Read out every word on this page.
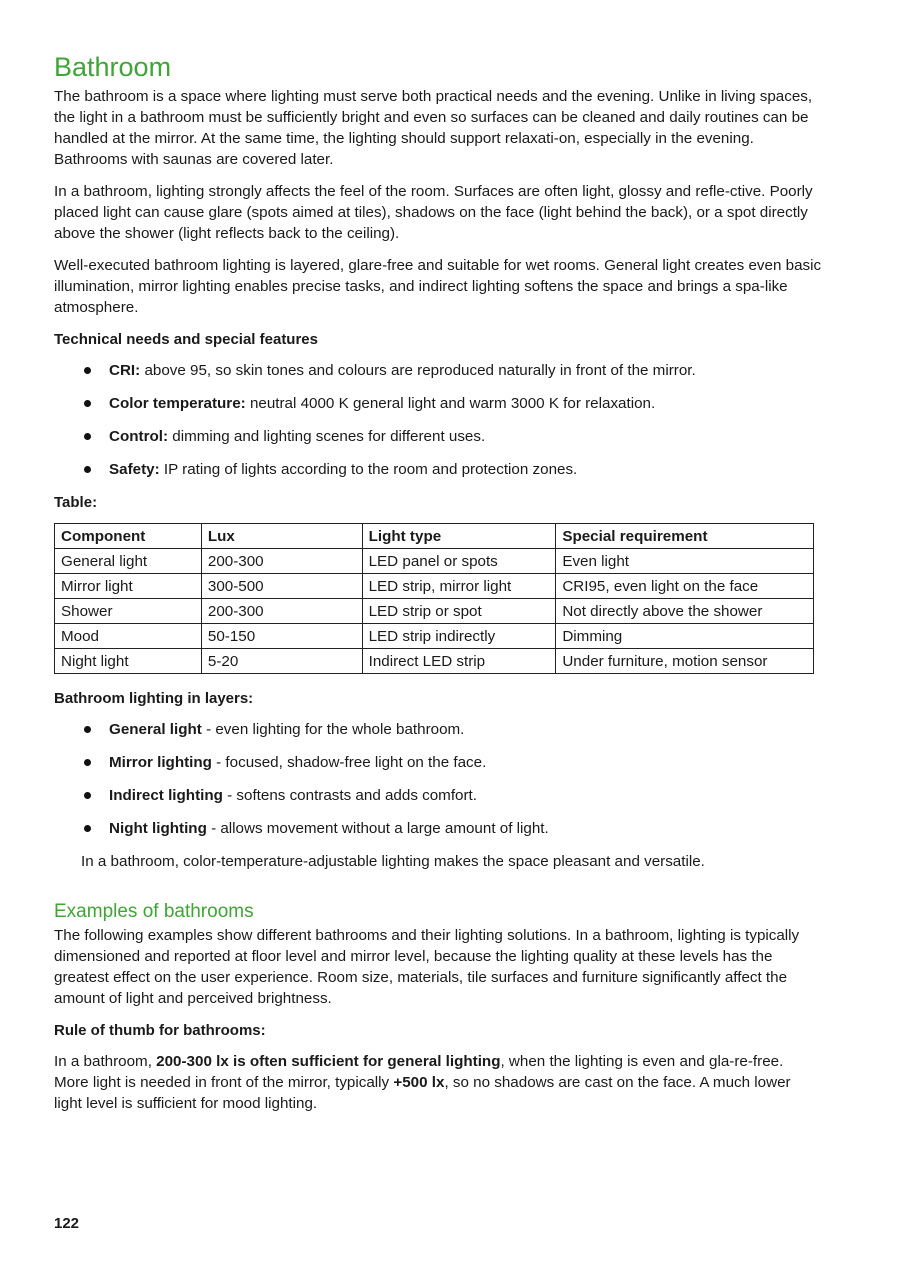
Bathroom

The bathroom is a space where lighting must serve both practical needs and the evening. Unlike in living spaces, the light in a bathroom must be sufficiently bright and even so surfaces can be cleaned and daily routines can be handled at the mirror. At the same time, the lighting should support relaxati-on, especially in the evening. Bathrooms with saunas are covered later.

In a bathroom, lighting strongly affects the feel of the room. Surfaces are often light, glossy and refle-ctive. Poorly placed light can cause glare (spots aimed at tiles), shadows on the face (light behind the back), or a spot directly above the shower (light reflects back to the ceiling).

Well-executed bathroom lighting is layered, glare-free and suitable for wet rooms. General light creates even basic illumination, mirror lighting enables precise tasks, and indirect lighting softens the space and brings a spa-like atmosphere.

Technical needs and special features
CRI: above 95, so skin tones and colours are reproduced naturally in front of the mirror.
Color temperature: neutral 4000 K general light and warm 3000 K for relaxation.
Control: dimming and lighting scenes for different uses.
Safety: IP rating of lights according to the room and protection zones.
Table:
Component	Lux	Light type	Special requirement
General light	200-300	LED panel or spots	Even light
Mirror light	300-500	LED strip, mirror light	CRI95, even light on the face
Shower	200-300	LED strip or spot	Not directly above the shower
Mood	50-150	LED strip indirectly	Dimming
Night light	5-20	Indirect LED strip	Under furniture, motion sensor
Bathroom lighting in layers:
General light - even lighting for the whole bathroom.
Mirror lighting - focused, shadow-free light on the face.
Indirect lighting - softens contrasts and adds comfort.
Night lighting - allows movement without a large amount of light.
In a bathroom, color-temperature-adjustable lighting makes the space pleasant and versatile.
Examples of bathrooms

The following examples show different bathrooms and their lighting solutions. In a bathroom, lighting is typically dimensioned and reported at floor level and mirror level, because the lighting quality at these levels has the greatest effect on the user experience. Room size, materials, tile surfaces and furniture significantly affect the amount of light and perceived brightness.

Rule of thumb for bathrooms:

In a bathroom, 200-300 lx is often sufficient for general lighting, when the lighting is even and gla-re-free. More light is needed in front of the mirror, typically +500 lx, so no shadows are cast on the face. A much lower light level is sufficient for mood lighting.

122
